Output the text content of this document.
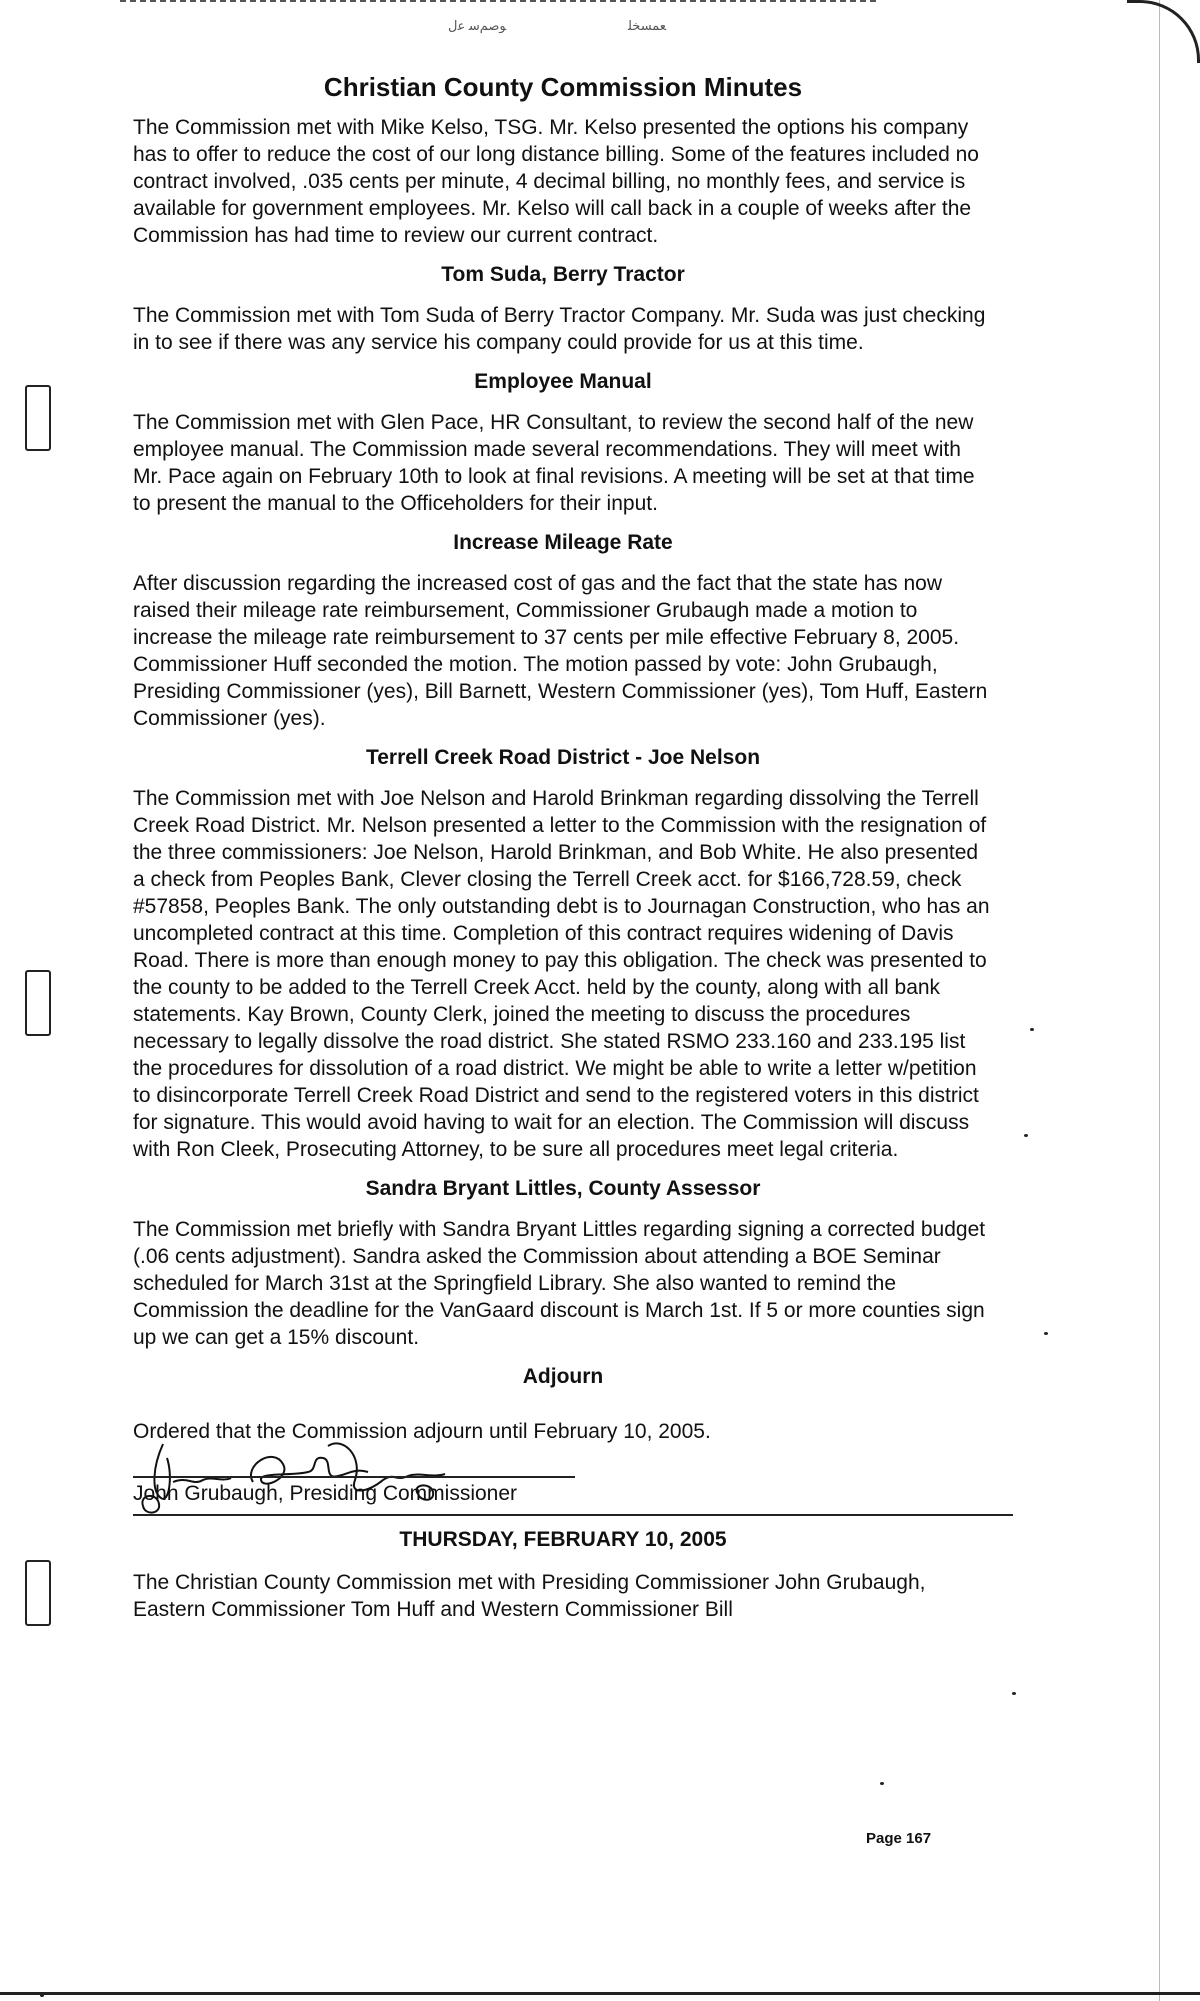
ﻮﺻﻢﺳ ﻋﻝ	ﻌﻤﺴﺨﻠ
Christian County Commission Minutes

The Commission met with Mike Kelso, TSG. Mr. Kelso presented the options his company has to offer to reduce the cost of our long distance billing. Some of the features included no contract involved, .035 cents per minute, 4 decimal billing, no monthly fees, and service is available for government employees. Mr. Kelso will call back in a couple of weeks after the Commission has had time to review our current contract.

Tom Suda, Berry Tractor

The Commission met with Tom Suda of Berry Tractor Company. Mr. Suda was just checking in to see if there was any service his company could provide for us at this time.

Employee Manual

The Commission met with Glen Pace, HR Consultant, to review the second half of the new employee manual. The Commission made several recommendations. They will meet with Mr. Pace again on February 10th to look at final revisions. A meeting will be set at that time to present the manual to the Officeholders for their input.

Increase Mileage Rate

After discussion regarding the increased cost of gas and the fact that the state has now raised their mileage rate reimbursement, Commissioner Grubaugh made a motion to increase the mileage rate reimbursement to 37 cents per mile effective February 8, 2005. Commissioner Huff seconded the motion. The motion passed by vote: John Grubaugh, Presiding Commissioner (yes), Bill Barnett, Western Commissioner (yes), Tom Huff, Eastern Commissioner (yes).

Terrell Creek Road District - Joe Nelson

The Commission met with Joe Nelson and Harold Brinkman regarding dissolving the Terrell Creek Road District. Mr. Nelson presented a letter to the Commission with the resignation of the three commissioners: Joe Nelson, Harold Brinkman, and Bob White. He also presented a check from Peoples Bank, Clever closing the Terrell Creek acct. for $166,728.59, check #57858, Peoples Bank. The only outstanding debt is to Journagan Construction, who has an uncompleted contract at this time. Completion of this contract requires widening of Davis Road. There is more than enough money to pay this obligation. The check was presented to the county to be added to the Terrell Creek Acct. held by the county, along with all bank statements. Kay Brown, County Clerk, joined the meeting to discuss the procedures necessary to legally dissolve the road district. She stated RSMO 233.160 and 233.195 list the procedures for dissolution of a road district. We might be able to write a letter w/petition to disincorporate Terrell Creek Road District and send to the registered voters in this district for signature. This would avoid having to wait for an election. The Commission will discuss with Ron Cleek, Prosecuting Attorney, to be sure all procedures meet legal criteria.

Sandra Bryant Littles, County Assessor

The Commission met briefly with Sandra Bryant Littles regarding signing a corrected budget (.06 cents adjustment). Sandra asked the Commission about attending a BOE Seminar scheduled for March 31st at the Springfield Library. She also wanted to remind the Commission the deadline for the VanGaard discount is March 1st. If 5 or more counties sign up we can get a 15% discount.

Adjourn

Ordered that the Commission adjourn until February 10, 2005.

John Grubaugh, Presiding Commissioner
THURSDAY, FEBRUARY 10, 2005

The Christian County Commission met with Presiding Commissioner John Grubaugh, Eastern Commissioner Tom Huff and Western Commissioner Bill

Page 167
